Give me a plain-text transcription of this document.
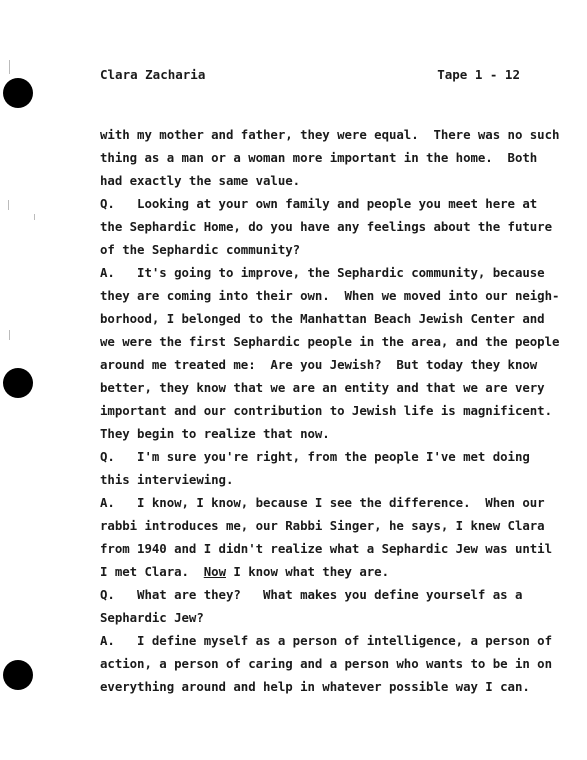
Clara Zacharia	Tape 1 - 12
with my mother and father, they were equal.  There was no such
thing as a man or a woman more important in the home.  Both
had exactly the same value.
Q.   Looking at your own family and people you meet here at
the Sephardic Home, do you have any feelings about the future
of the Sephardic community?
A.   It's going to improve, the Sephardic community, because
they are coming into their own.  When we moved into our neigh-
borhood, I belonged to the Manhattan Beach Jewish Center and
we were the first Sephardic people in the area, and the people
around me treated me:  Are you Jewish?  But today they know
better, they know that we are an entity and that we are very
important and our contribution to Jewish life is magnificent.
They begin to realize that now.
Q.   I'm sure you're right, from the people I've met doing
this interviewing.
A.   I know, I know, because I see the difference.  When our
rabbi introduces me, our Rabbi Singer, he says, I knew Clara
from 1940 and I didn't realize what a Sephardic Jew was until
I met Clara.  Now I know what they are.
Q.   What are they?   What makes you define yourself as a
Sephardic Jew?
A.   I define myself as a person of intelligence, a person of
action, a person of caring and a person who wants to be in on
everything around and help in whatever possible way I can.
